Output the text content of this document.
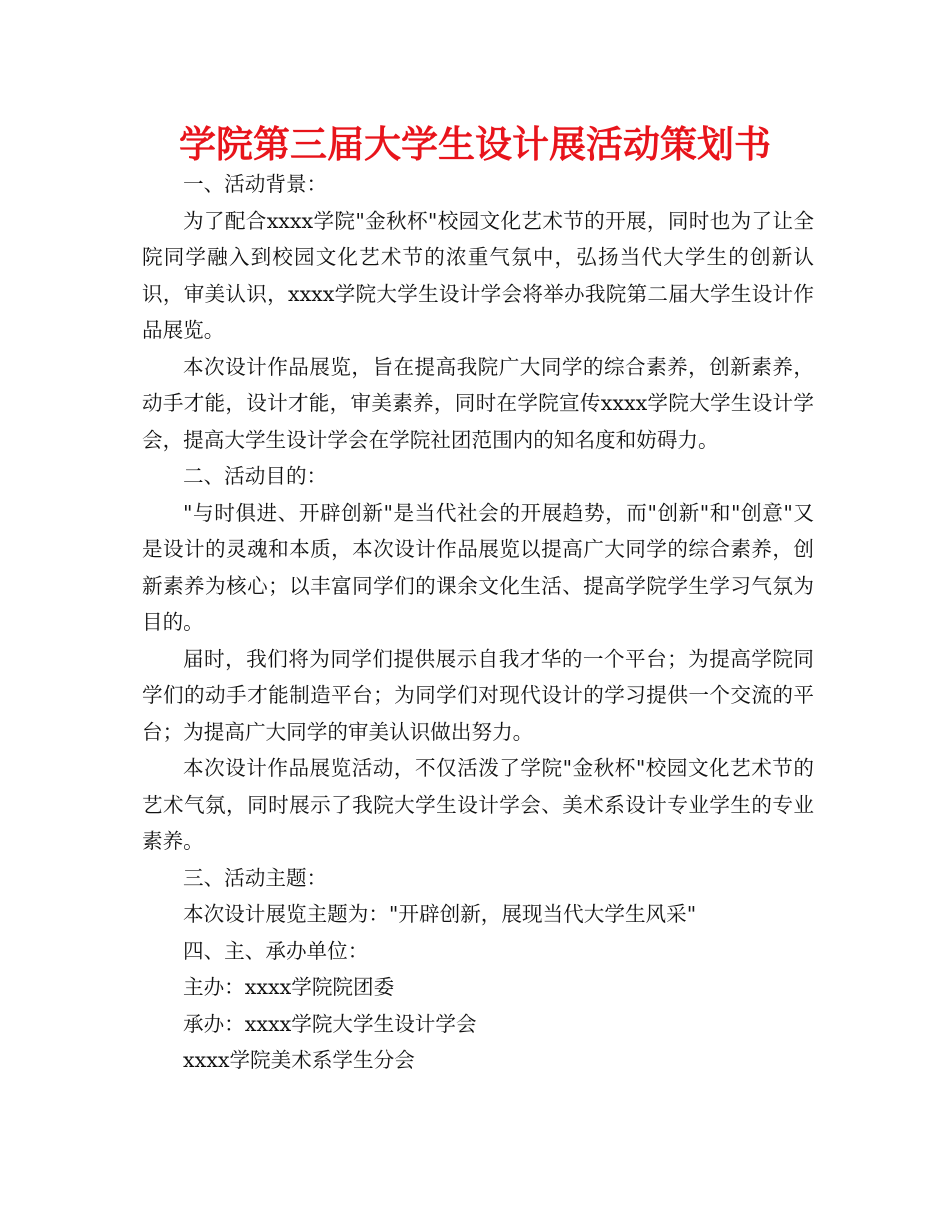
学院第三届大学生设计展活动策划书

一、活动背景：

为了配合xxxx学院"金秋杯"校园文化艺术节的开展，同时也为了让全院同学融入到校园文化艺术节的浓重气氛中，弘扬当代大学生的创新认识，审美认识，xxxx学院大学生设计学会将举办我院第二届大学生设计作品展览。

本次设计作品展览，旨在提高我院广大同学的综合素养，创新素养，动手才能，设计才能，审美素养，同时在学院宣传xxxx学院大学生设计学会，提高大学生设计学会在学院社团范围内的知名度和妨碍力。

二、活动目的：

"与时俱进、开辟创新"是当代社会的开展趋势，而"创新"和"创意"又是设计的灵魂和本质，本次设计作品展览以提高广大同学的综合素养，创新素养为核心；以丰富同学们的课余文化生活、提高学院学生学习气氛为目的。

届时，我们将为同学们提供展示自我才华的一个平台；为提高学院同学们的动手才能制造平台；为同学们对现代设计的学习提供一个交流的平台；为提高广大同学的审美认识做出努力。

本次设计作品展览活动，不仅活泼了学院"金秋杯"校园文化艺术节的艺术气氛，同时展示了我院大学生设计学会、美术系设计专业学生的专业素养。

三、活动主题：

本次设计展览主题为："开辟创新，展现当代大学生风采"

四、主、承办单位：

主办：xxxx学院院团委

承办：xxxx学院大学生设计学会

xxxx学院美术系学生分会
